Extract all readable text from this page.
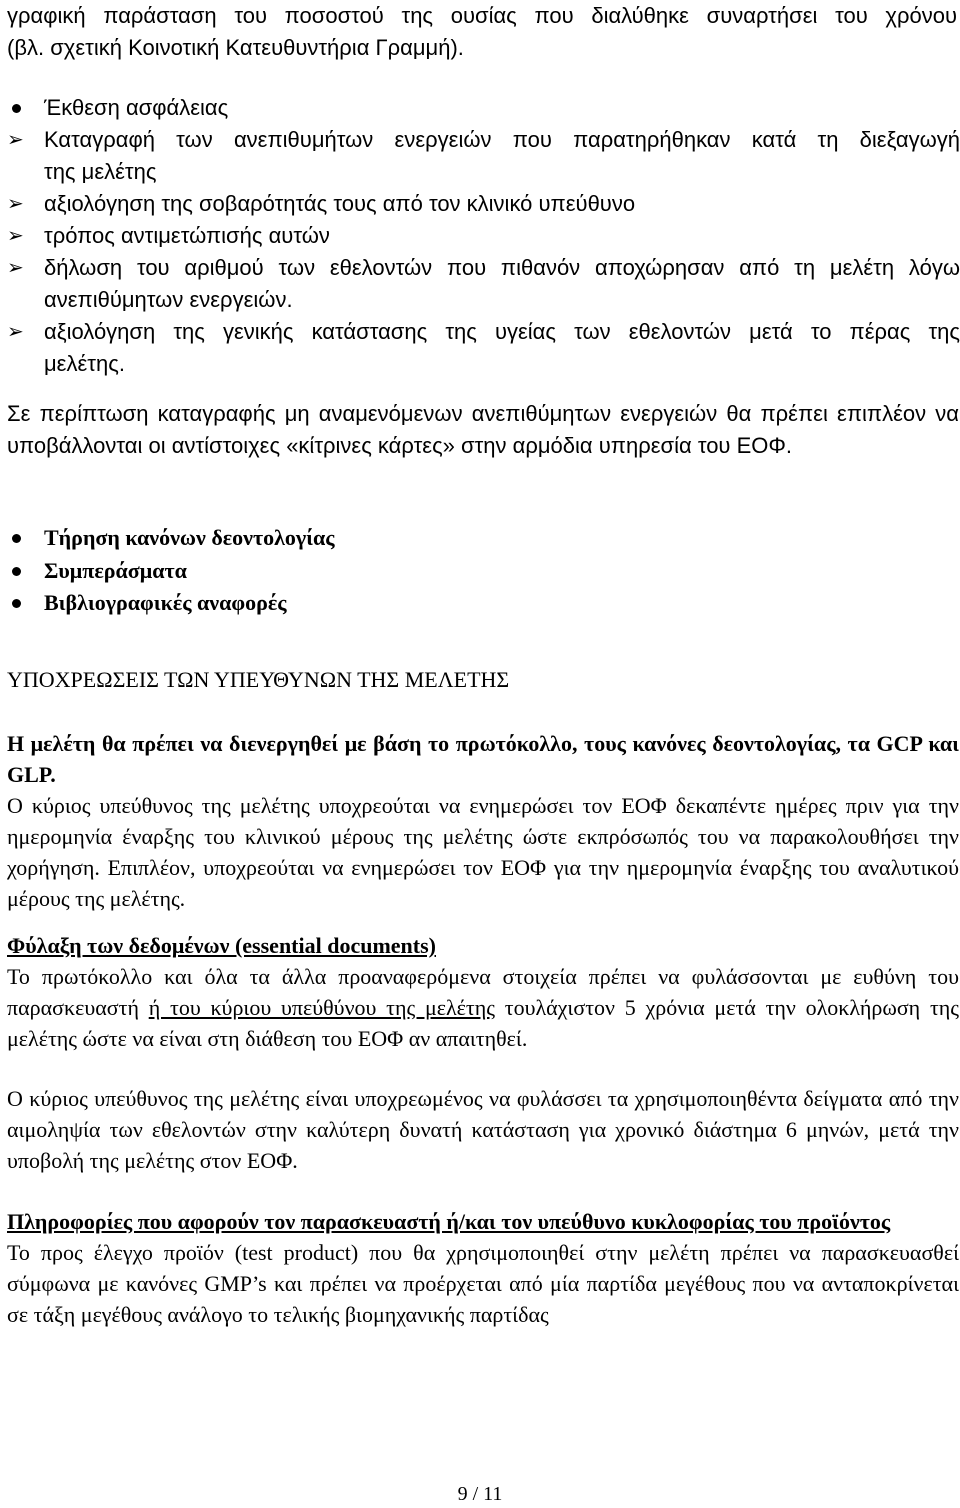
γραφική παράσταση του ποσοστού της ουσίας που διαλύθηκε συναρτήσει του χρόνου
(βλ. σχετική Κοινοτική Κατευθυντήρια Γραμμή).
Έκθεση ασφάλειας
➢ Καταγραφή των ανεπιθυμήτων ενεργειών που παρατηρήθηκαν κατά τη διεξαγωγή
της μελέτης
➢ αξιολόγηση της σοβαρότητάς τους από τον κλινικό υπεύθυνο
➢ τρόπος αντιμετώπισής αυτών
➢ δήλωση του αριθμού των εθελοντών που πιθανόν αποχώρησαν από τη μελέτη λόγω
ανεπιθύμητων ενεργειών.
➢ αξιολόγηση της γενικής κατάστασης της υγείας των εθελοντών μετά το πέρας της
μελέτης.

Σε περίπτωση καταγραφής μη αναμενόμενων ανεπιθύμητων ενεργειών θα πρέπει επιπλέον να υποβάλλονται οι αντίστοιχες «κίτρινες κάρτες» στην αρμόδια υπηρεσία του ΕΟΦ.

Τήρηση κανόνων δεοντολογίας
Συμπεράσματα
Βιβλιογραφικές αναφορές
ΥΠΟΧΡΕΩΣΕΙΣ ΤΩΝ ΥΠΕΥΘΥΝΩΝ ΤΗΣ ΜΕΛΕΤΗΣ

Η μελέτη θα πρέπει να διενεργηθεί με βάση το πρωτόκολλο, τους κανόνες δεοντολογίας, τα GCP και GLP.

Ο κύριος υπεύθυνος της μελέτης υποχρεούται να ενημερώσει τον ΕΟΦ δεκαπέντε ημέρες πριν για την ημερομηνία έναρξης του κλινικού μέρους της μελέτης ώστε εκπρόσωπός του να παρακολουθήσει την χορήγηση. Επιπλέον, υποχρεούται να ενημερώσει τον ΕΟΦ για την ημερομηνία έναρξης του αναλυτικού μέρους της μελέτης.

Φύλαξη των δεδομένων (essential documents)

Το πρωτόκολλο και όλα τα άλλα προαναφερόμενα στοιχεία πρέπει να φυλάσσονται με ευθύνη του παρασκευαστή ή του κύριου υπεύθύνου της μελέτης τουλάχιστον 5 χρόνια μετά την ολοκλήρωση της μελέτης ώστε να είναι στη διάθεση του ΕΟΦ αν απαιτηθεί.

Ο κύριος υπεύθυνος της μελέτης είναι υποχρεωμένος να φυλάσσει τα χρησιμοποιηθέντα δείγματα από την αιμοληψία των εθελοντών στην καλύτερη δυνατή κατάσταση για χρονικό διάστημα 6 μηνών, μετά την υποβολή της μελέτης στον ΕΟΦ.

Πληροφορίες που αφορούν τον παρασκευαστή ή/και τον υπεύθυνο κυκλοφορίας του προϊόντος

Το προς έλεγχο προϊόν (test product) που θα χρησιμοποιηθεί στην μελέτη πρέπει να παρασκευασθεί σύμφωνα με κανόνες GMP’s και πρέπει να προέρχεται από μία παρτίδα μεγέθους που να ανταποκρίνεται σε τάξη μεγέθους ανάλογο το τελικής βιομηχανικής παρτίδας

9 / 11
